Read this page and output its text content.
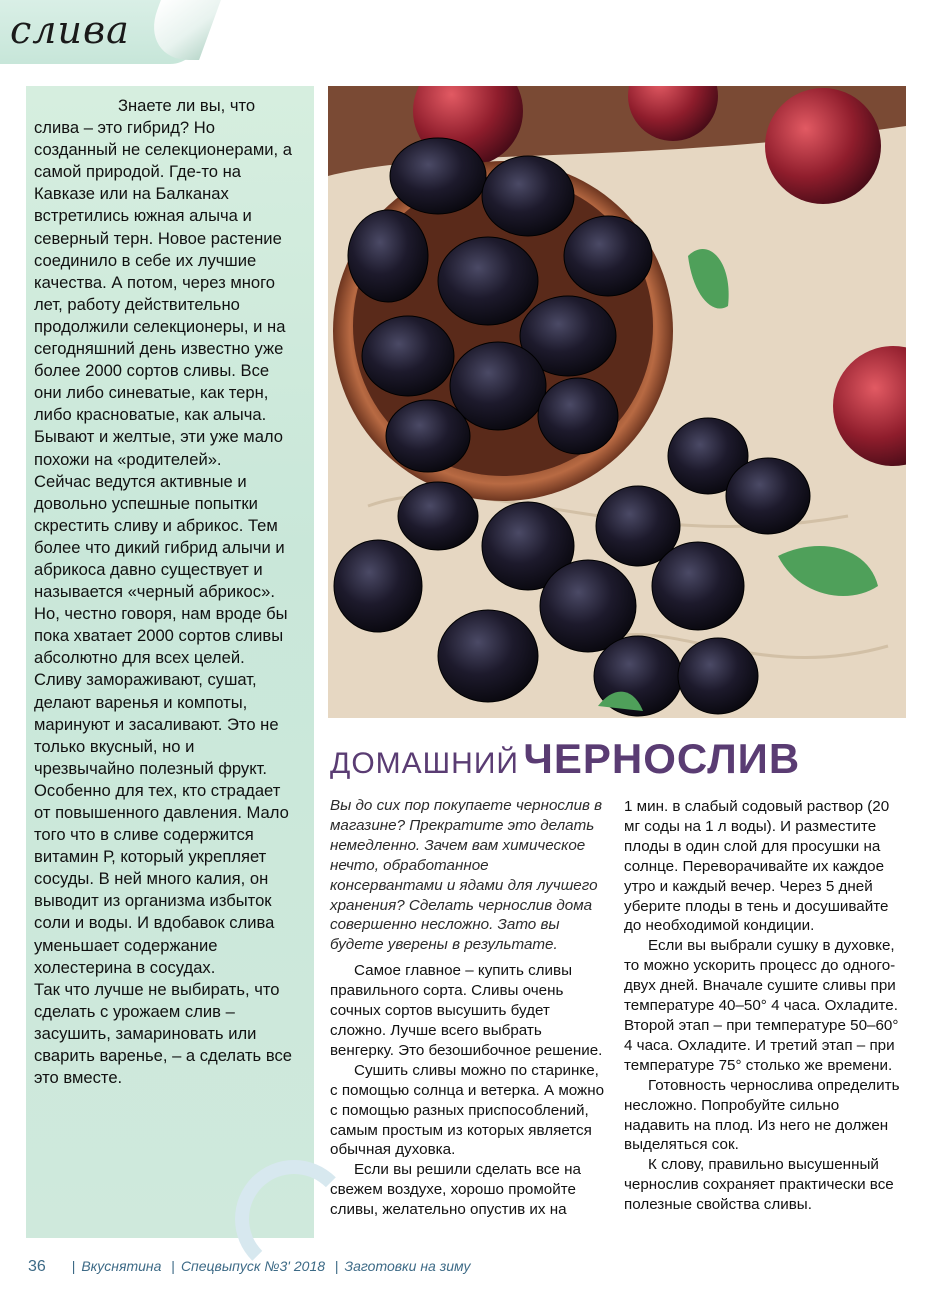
слива

Знаете ли вы, что слива – это гибрид? Но созданный не селекционерами, а самой природой. Где-то на Кавказе или на Балканах встретились южная алыча и северный терн. Новое растение соединило в себе их лучшие качества. А потом, через много лет, работу действительно продолжили селекционеры, и на сегодняшний день известно уже более 2000 сортов сливы. Все они либо синеватые, как терн, либо красноватые, как алыча. Бывают и желтые, эти уже мало похожи на «родителей».

Сейчас ведутся активные и довольно успешные попытки скрестить сливу и абрикос. Тем более что дикий гибрид алычи и абрикоса давно существует и называется «черный абрикос».

Но, честно говоря, нам вроде бы пока хватает 2000 сортов сливы абсолютно для всех целей. Сливу замораживают, сушат, делают варенья и компоты, маринуют и засаливают. Это не только вкусный, но и чрезвычайно полезный фрукт.

Особенно для тех, кто страдает от повышенного давления. Мало того что в сливе содержится витамин Р, который укрепляет сосуды. В ней много калия, он выводит из организма избыток соли и воды. И вдобавок слива уменьшает содержание холестерина в сосудах.

Так что лучше не выбирать, что сделать с урожаем слив – засушить, замариновать или сварить варенье, – а сделать все это вместе.

ДОМАШНИЙ ЧЕРНОСЛИВ

Вы до сих пор покупаете чернослив в магазине? Прекратите это делать немедленно. Зачем вам химическое нечто, обработанное консервантами и ядами для лучшего хранения? Сделать чернослив дома совершенно несложно. Зато вы будете уверены в результате.

Самое главное – купить сливы правильного сорта. Сливы очень сочных сортов высушить будет сложно. Лучше всего выбрать венгерку. Это безошибочное решение.

Сушить сливы можно по старинке, с помощью солнца и ветерка. А можно с помощью разных приспособлений, самым простым из которых является обычная духовка.

Если вы решили сделать все на свежем воздухе, хорошо промойте сливы, желательно опустив их на

1 мин. в слабый содовый раствор (20 мг соды на 1 л воды). И разместите плоды в один слой для просушки на солнце. Переворачивайте их каждое утро и каждый вечер. Через 5 дней уберите плоды в тень и досушивайте до необходимой кондиции.

Если вы выбрали сушку в духовке, то можно ускорить процесс до одного-двух дней. Вначале сушите сливы при температуре 40–50° 4 часа. Охладите. Второй этап – при температуре 50–60° 4 часа. Охладите. И третий этап – при температуре 75° столько же времени.

Готовность чернослива определить несложно. Попробуйте сильно надавить на плод. Из него не должен выделяться сок.

К слову, правильно высушенный чернослив сохраняет практически все полезные свойства сливы.

36 | Вкуснятина | Спецвыпуск №3' 2018 | Заготовки на зиму
